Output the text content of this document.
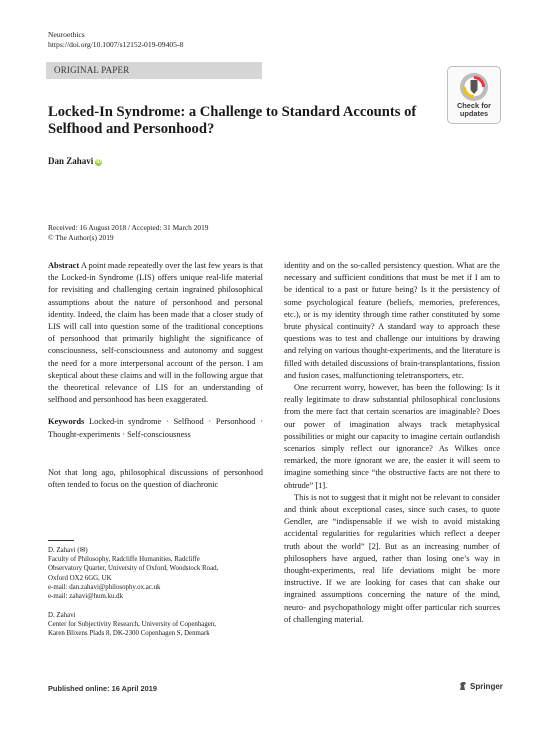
Neuroethics
https://doi.org/10.1007/s12152-019-09405-8
ORIGINAL PAPER
Check for
updates
Locked-In Syndrome: a Challenge to Standard Accounts of Selfhood and Personhood?
Dan Zahavi iD
Received: 16 August 2018 / Accepted: 31 March 2019
© The Author(s) 2019

Abstract A point made repeatedly over the last few years is that the Locked-in Syndrome (LIS) offers unique real-life material for revisiting and challenging certain ingrained philosophical assumptions about the nature of personhood and personal identity. Indeed, the claim has been made that a closer study of LIS will call into question some of the traditional conceptions of personhood that primarily highlight the significance of consciousness, self-consciousness and autonomy and suggest the need for a more interpersonal account of the person. I am skeptical about these claims and will in the following argue that the theoretical relevance of LIS for an understanding of selfhood and personhood has been exaggerated.

Keywords Locked-in syndrome · Selfhood · Personhood · Thought-experiments · Self-consciousness

Not that long ago, philosophical discussions of personhood often tended to focus on the question of diachronic

D. Zahavi (✉)

Faculty of Philosophy, Radcliffe Humanities, Radcliffe

Observatory Quarter, University of Oxford, Woodstock Road,

Oxford OX2 6GG, UK

e-mail: dan.zahavi@philosophy.ox.ac.uk

e-mail: zahavi@hum.ku.dk

D. Zahavi

Center for Subjectivity Research, University of Copenhagen,

Karen Blixens Plads 8, DK-2300 Copenhagen S, Denmark

identity and on the so-called persistency question. What are the necessary and sufficient conditions that must be met if I am to be identical to a past or future being? Is it the persistency of some psychological feature (beliefs, memories, preferences, etc.), or is my identity through time rather constituted by some brute physical continuity? A standard way to approach these questions was to test and challenge our intuitions by drawing and relying on various thought-experiments, and the literature is filled with detailed discussions of brain-transplantations, fission and fusion cases, malfunctioning teletransporters, etc.

One recurrent worry, however, has been the following: Is it really legitimate to draw substantial philosophical conclusions from the mere fact that certain scenarios are imaginable? Does our power of imagination always track metaphysical possibilities or might our capacity to imagine certain outlandish scenarios simply reflect our ignorance? As Wilkes once remarked, the more ignorant we are, the easier it will seem to imagine something since “the obstructive facts are not there to obtrude” [1].

This is not to suggest that it might not be relevant to consider and think about exceptional cases, since such cases, to quote Gendler, are “indispensable if we wish to avoid mistaking accidental regularities for regularities which reflect a deeper truth about the world” [2]. But as an increasing number of philosophers have argued, rather than losing one’s way in thought-experiments, real life deviations might be more instructive. If we are looking for cases that can shake our ingrained assumptions concerning the nature of the mind, neuro- and psychopathology might offer particular rich sources of challenging material.

Published online: 16 April 2019	Springer
